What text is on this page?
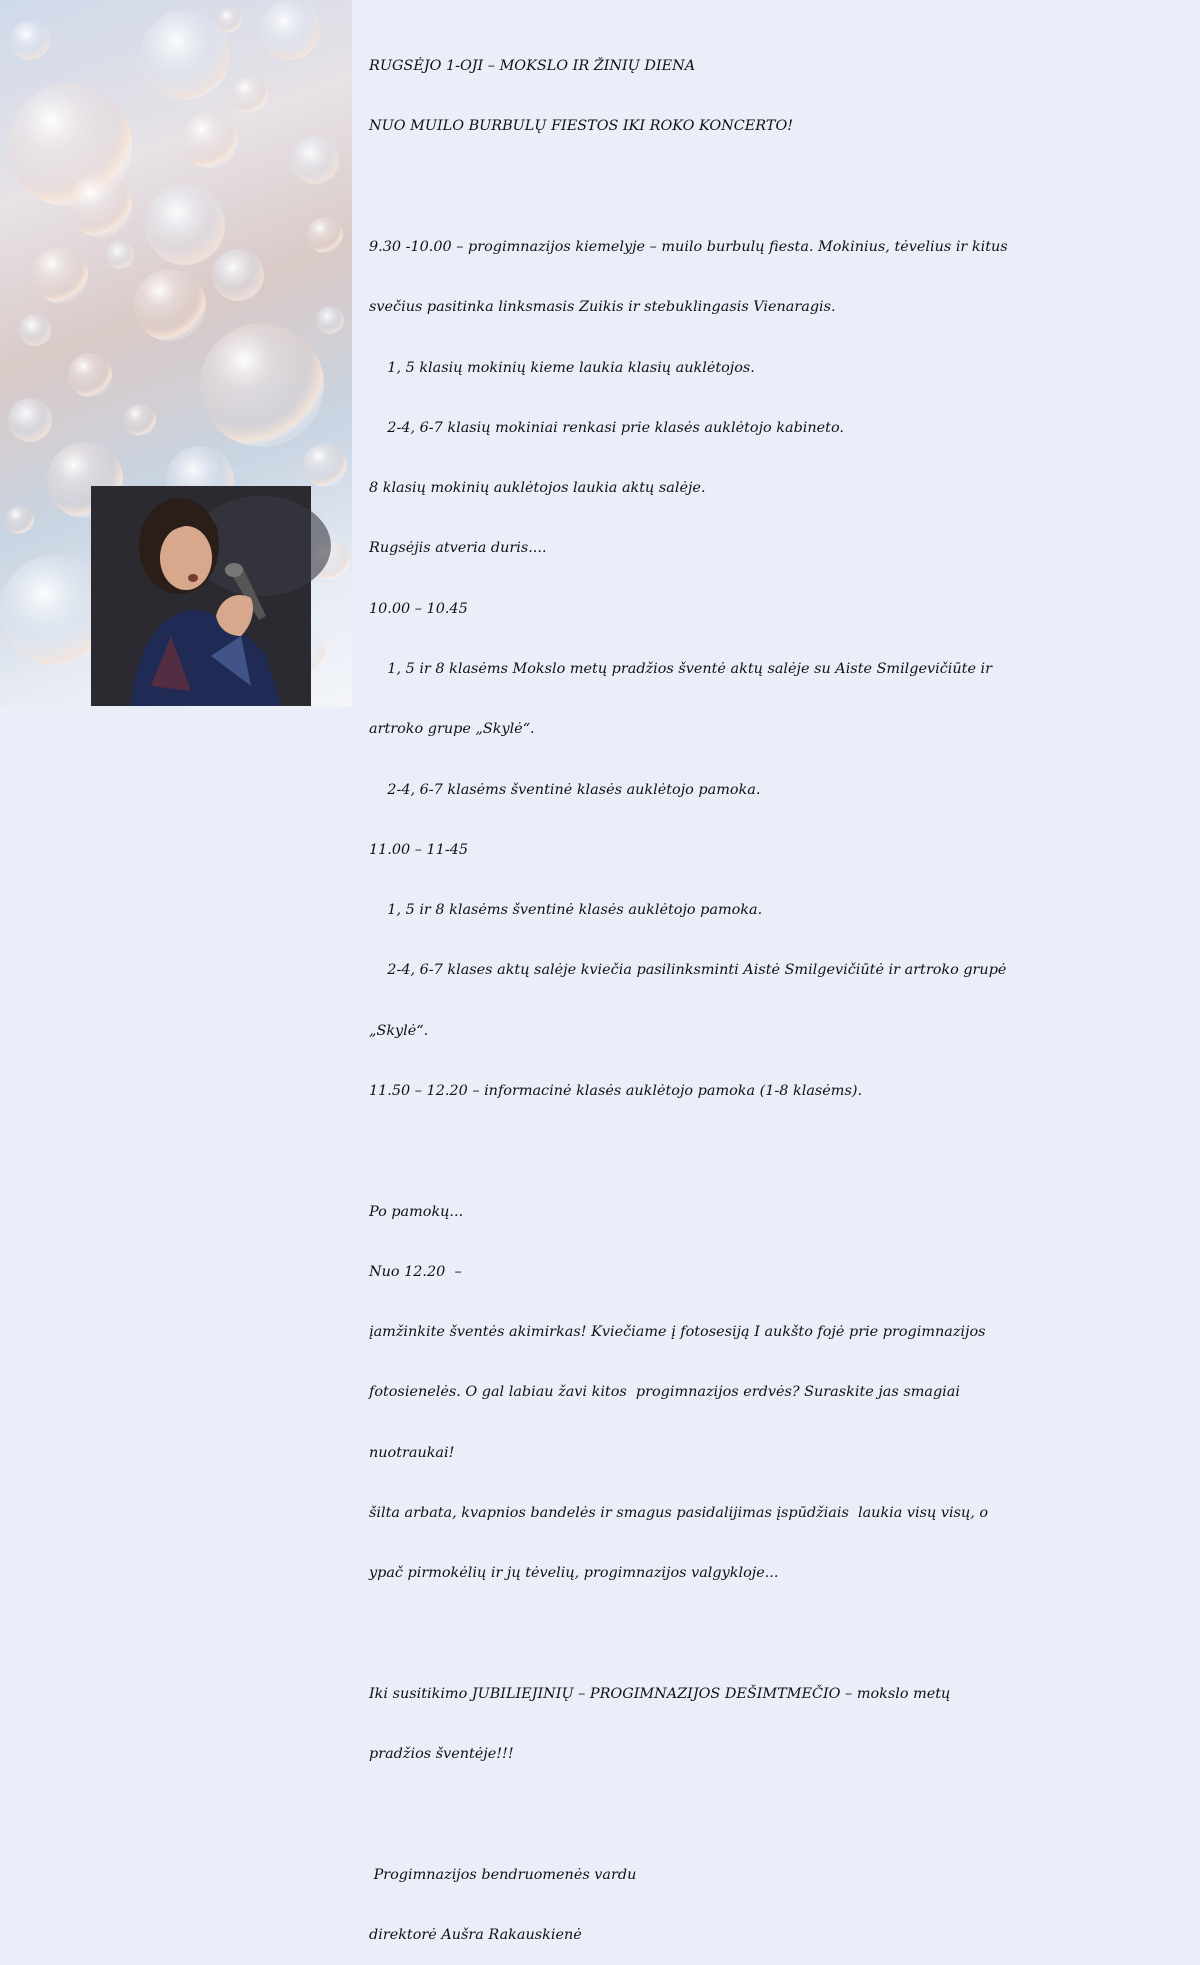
RUGSĖJO 1-OJI – MOKSLO IR ŽINIŲ DIENA

NUO MUILO BURBULŲ FIESTOS IKI ROKO KONCERTO!

9.30 -10.00 – progimnazijos kiemelyje – muilo burbulų fiesta. Mokinius, tėvelius ir kitus

svečius pasitinka linksmasis Zuikis ir stebuklingasis Vienaragis.

1, 5 klasių mokinių kieme laukia klasių auklėtojos.

2-4, 6-7 klasių mokiniai renkasi prie klasės auklėtojo kabineto.

8 klasių mokinių auklėtojos laukia aktų salėje.

Rugsėjis atveria duris....

10.00 – 10.45

1, 5 ir 8 klasėms Mokslo metų pradžios šventė aktų salėje su Aiste Smilgevičiūte ir

artroko grupe „Skylė“.

2-4, 6-7 klasėms šventinė klasės auklėtojo pamoka.

11.00 – 11-45

1, 5 ir 8 klasėms šventinė klasės auklėtojo pamoka.

2-4, 6-7 klases aktų salėje kviečia pasilinksminti Aistė Smilgevičiūtė ir artroko grupė

„Skylė“.

11.50 – 12.20 – informacinė klasės auklėtojo pamoka (1-8 klasėms).

Po pamokų...

Nuo 12.20  –

įamžinkite šventės akimirkas! Kviečiame į fotosesiją I aukšto fojė prie progimnazijos

fotosienelės. O gal labiau žavi kitos  progimnazijos erdvės? Suraskite jas smagiai

nuotraukai!

šilta arbata, kvapnios bandelės ir smagus pasidalijimas įspūdžiais  laukia visų visų, o

ypač pirmokėlių ir jų tėvelių, progimnazijos valgykloje...

Iki susitikimo JUBILIEJINIŲ – PROGIMNAZIJOS DEŠIMTMEČIO – mokslo metų

pradžios šventėje!!!

Progimnazijos bendruomenės vardu

direktorė Aušra Rakauskienė
